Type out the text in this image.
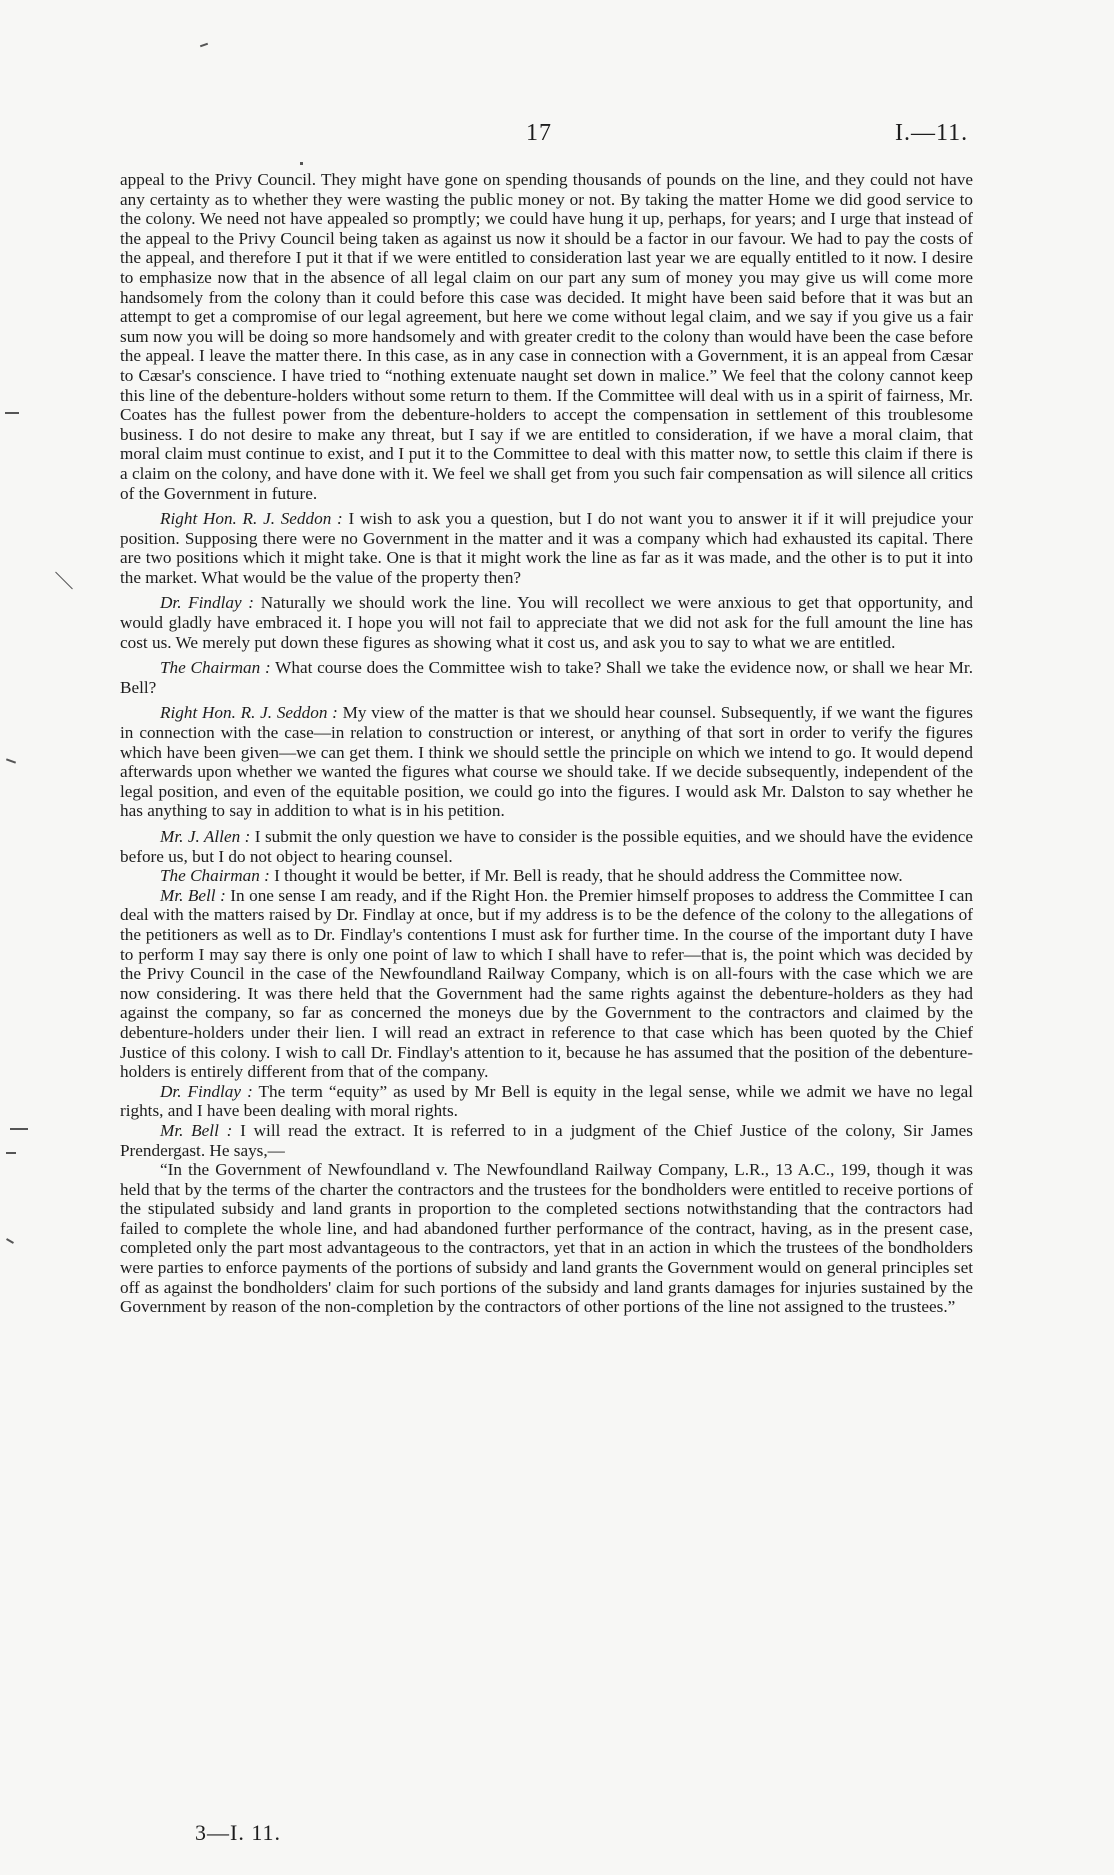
17	I.—11.

appeal to the Privy Council. They might have gone on spending thousands of pounds on the line, and they could not have any certainty as to whether they were wasting the public money or not. By taking the matter Home we did good service to the colony. We need not have appealed so promptly; we could have hung it up, perhaps, for years; and I urge that instead of the appeal to the Privy Council being taken as against us now it should be a factor in our favour. We had to pay the costs of the appeal, and therefore I put it that if we were entitled to consideration last year we are equally entitled to it now. I desire to emphasize now that in the absence of all legal claim on our part any sum of money you may give us will come more handsomely from the colony than it could before this case was decided. It might have been said before that it was but an attempt to get a compromise of our legal agreement, but here we come without legal claim, and we say if you give us a fair sum now you will be doing so more handsomely and with greater credit to the colony than would have been the case before the appeal. I leave the matter there. In this case, as in any case in connection with a Government, it is an appeal from Cæsar to Cæsar's conscience. I have tried to “nothing extenuate naught set down in malice.” We feel that the colony cannot keep this line of the debenture-holders without some return to them. If the Committee will deal with us in a spirit of fairness, Mr. Coates has the fullest power from the debenture-holders to accept the compensation in settlement of this troublesome business. I do not desire to make any threat, but I say if we are entitled to consideration, if we have a moral claim, that moral claim must continue to exist, and I put it to the Committee to deal with this matter now, to settle this claim if there is a claim on the colony, and have done with it. We feel we shall get from you such fair compensation as will silence all critics of the Government in future.

Right Hon. R. J. Seddon : I wish to ask you a question, but I do not want you to answer it if it will prejudice your position. Supposing there were no Government in the matter and it was a company which had exhausted its capital. There are two positions which it might take. One is that it might work the line as far as it was made, and the other is to put it into the market. What would be the value of the property then?

Dr. Findlay : Naturally we should work the line. You will recollect we were anxious to get that opportunity, and would gladly have embraced it. I hope you will not fail to appreciate that we did not ask for the full amount the line has cost us. We merely put down these figures as showing what it cost us, and ask you to say to what we are entitled.

The Chairman : What course does the Committee wish to take? Shall we take the evidence now, or shall we hear Mr. Bell?

Right Hon. R. J. Seddon : My view of the matter is that we should hear counsel. Subsequently, if we want the figures in connection with the case—in relation to construction or interest, or anything of that sort in order to verify the figures which have been given—we can get them. I think we should settle the principle on which we intend to go. It would depend afterwards upon whether we wanted the figures what course we should take. If we decide subsequently, independent of the legal position, and even of the equitable position, we could go into the figures. I would ask Mr. Dalston to say whether he has anything to say in addition to what is in his petition.

Mr. J. Allen : I submit the only question we have to consider is the possible equities, and we should have the evidence before us, but I do not object to hearing counsel.

The Chairman : I thought it would be better, if Mr. Bell is ready, that he should address the Committee now.

Mr. Bell : In one sense I am ready, and if the Right Hon. the Premier himself proposes to address the Committee I can deal with the matters raised by Dr. Findlay at once, but if my address is to be the defence of the colony to the allegations of the petitioners as well as to Dr. Findlay's contentions I must ask for further time. In the course of the important duty I have to perform I may say there is only one point of law to which I shall have to refer—that is, the point which was decided by the Privy Council in the case of the Newfoundland Railway Company, which is on all-fours with the case which we are now considering. It was there held that the Government had the same rights against the debenture-holders as they had against the company, so far as concerned the moneys due by the Government to the contractors and claimed by the debenture-holders under their lien. I will read an extract in reference to that case which has been quoted by the Chief Justice of this colony. I wish to call Dr. Findlay's attention to it, because he has assumed that the position of the debenture-holders is entirely different from that of the company.

Dr. Findlay : The term “equity” as used by Mr Bell is equity in the legal sense, while we admit we have no legal rights, and I have been dealing with moral rights.

Mr. Bell : I will read the extract. It is referred to in a judgment of the Chief Justice of the colony, Sir James Prendergast. He says,—

“In the Government of Newfoundland v. The Newfoundland Railway Company, L.R., 13 A.C., 199, though it was held that by the terms of the charter the contractors and the trustees for the bondholders were entitled to receive portions of the stipulated subsidy and land grants in proportion to the completed sections notwithstanding that the contractors had failed to complete the whole line, and had abandoned further performance of the contract, having, as in the present case, completed only the part most advantageous to the contractors, yet that in an action in which the trustees of the bondholders were parties to enforce payments of the portions of subsidy and land grants the Government would on general principles set off as against the bondholders' claim for such portions of the subsidy and land grants damages for injuries sustained by the Government by reason of the non-completion by the contractors of other portions of the line not assigned to the trustees.”

3—I. 11.
